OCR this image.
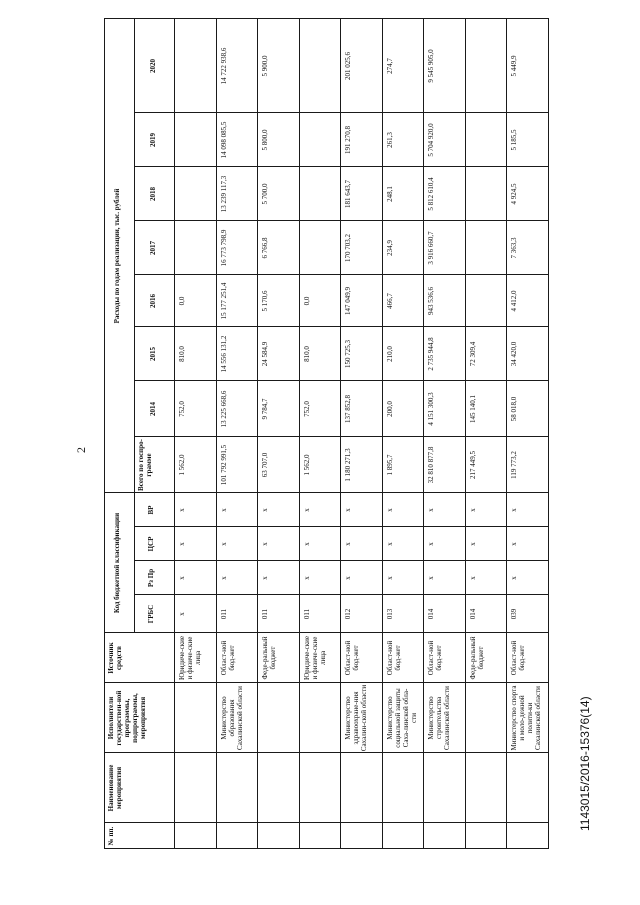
2
№ пп.
Наименование мероприятия
Исполнители государствен-ной программы, подпрограммы, мероприятия
Источник средств
Код бюджетной классификации
ГРБС
Рз Пр
ЦСР
ВР
Расходы по годам реализации, тыс. рублей
Всего по госпро-грамме
2014
2015
2016
2017
2018
2019
2020
Юридиче-ские и физиче-ские лица
x
x
x
x
1 562,0
752,0
810,0
0,0
Министерство образования Сахалинской области
Област-ной бюд-жет
011
x
x
x
101 792 991,5
13 225 668,6
14 556 131,2
15 177 251,4
16 773 798,9
13 239 117,3
14 098 085,5
14 722 938,6
Феде-ральный бюджет
011
x
x
x
63 707,0
9 784,7
24 584,9
5 170,6
6 766,8
5 700,0
5 800,0
5 900,0
Юридиче-ские и физиче-ские лица
011
x
x
x
1 562,0
752,0
810,0
0,0
Министерство здравоохране-ния Сахалин-ской области
Област-ной бюд-жет
012
x
x
x
1 180 271,3
137 852,8
150 725,3
147 049,9
170 703,2
181 643,7
191 270,8
201 025,6
Министерство социальной защиты Саха-линской обла-сти
Област-ной бюд-жет
013
x
x
x
1 895,7
200,0
210,0
466,7
234,9
248,1
261,3
274,7
Министерство строительства Сахалинской области
Област-ной бюд-жет
014
x
x
x
32 810 877,8
4 151 300,3
2 735 944,8
943 536,6
3 916 660,7
5 812 610,4
5 704 920,0
9 545 905,0
Феде-ральный бюджет
014
x
x
x
217 449,5
145 140,1
72 309,4
Министерство спорта и моло-дежной полити-ки Сахалинской области
Област-ной бюд-жет
039
x
x
x
119 773,2
58 018,0
34 420,0
4 412,0
7 363,3
4 924,5
5 185,5
5 449,9
1143015/2016-15376(14)
